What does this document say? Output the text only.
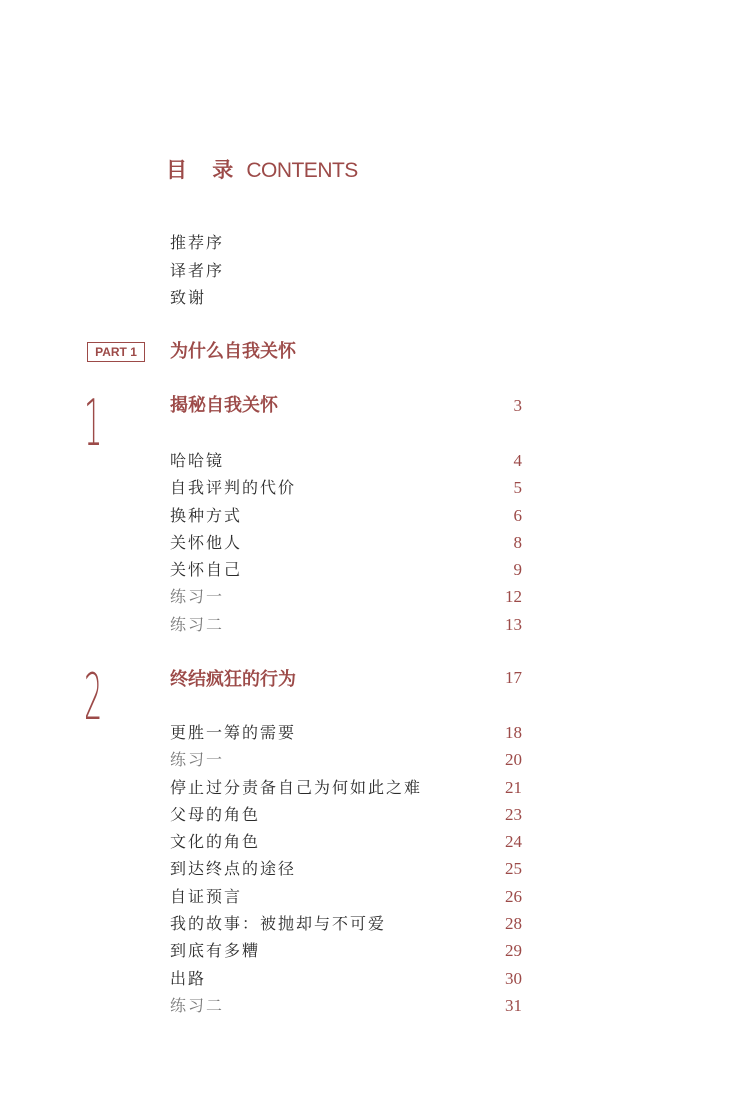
目 录 CONTENTS
推荐序
译者序
致谢
PART 1	为什么自我关怀
1	揭秘自我关怀	3
哈哈镜	4
自我评判的代价	5
换种方式	6
关怀他人	8
关怀自己	9
练习一	12
练习二	13
2	终结疯狂的行为	17
更胜一筹的需要	18
练习一	20
停止过分责备自己为何如此之难	21
父母的角色	23
文化的角色	24
到达终点的途径	25
自证预言	26
我的故事：被抛却与不可爱	28
到底有多糟	29
出路	30
练习二	31
